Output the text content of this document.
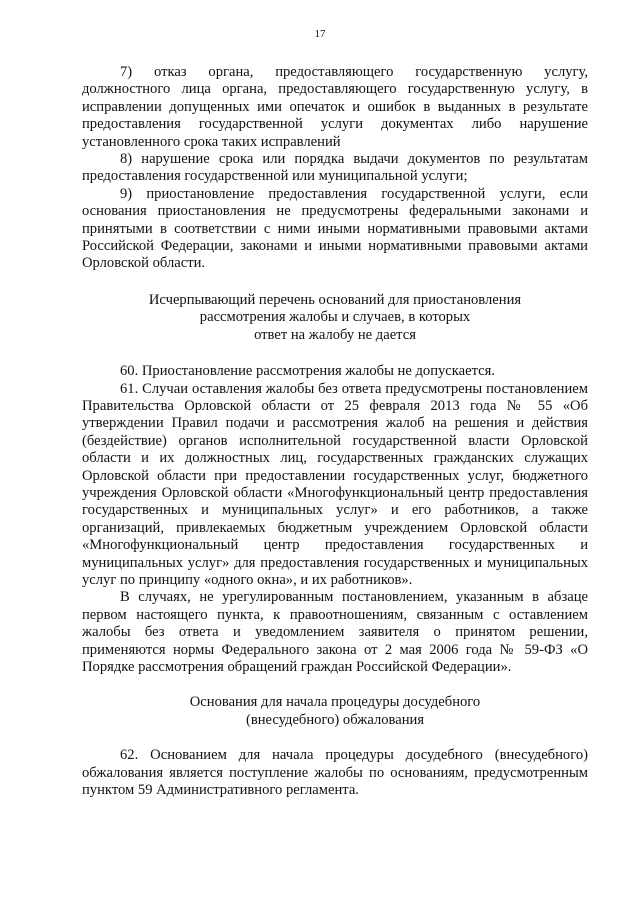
17

7) отказ органа, предоставляющего государственную услугу, должностного лица органа, предоставляющего государственную услугу, в исправлении допущенных ими опечаток и ошибок в выданных в результате предоставления государственной услуги документах либо нарушение установленного срока таких исправлений

8) нарушение срока или порядка выдачи документов по результатам предоставления государственной или муниципальной услуги;

9) приостановление предоставления государственной услуги, если основания приостановления не предусмотрены федеральными законами и принятыми в соответствии с ними иными нормативными правовыми актами Российской Федерации, законами и иными нормативными правовыми актами Орловской области.

Исчерпывающий перечень оснований для приостановления
рассмотрения жалобы и случаев, в которых
ответ на жалобу не дается

60. Приостановление рассмотрения жалобы не допускается.

61. Случаи оставления жалобы без ответа предусмотрены постановлением Правительства Орловской области от 25 февраля 2013 года № 55 «Об утверждении Правил подачи и рассмотрения жалоб на решения и действия (бездействие) органов исполнительной государственной власти Орловской области и их должностных лиц, государственных гражданских служащих Орловской области при предоставлении государственных услуг, бюджетного учреждения Орловской области «Многофункциональный центр предоставления государственных и муниципальных услуг» и его работников, а также организаций, привлекаемых бюджетным учреждением Орловской области «Многофункциональный центр предоставления государственных и муниципальных услуг» для предоставления государственных и муниципальных услуг по принципу «одного окна», и их работников».

В случаях, не урегулированным постановлением, указанным в абзаце первом настоящего пункта, к правоотношениям, связанным с оставлением жалобы без ответа и уведомлением заявителя о принятом решении, применяются нормы Федерального закона от 2 мая 2006 года № 59-ФЗ «О Порядке рассмотрения обращений граждан Российской Федерации».

Основания для начала процедуры досудебного
(внесудебного) обжалования

62. Основанием для начала процедуры досудебного (внесудебного) обжалования является поступление жалобы по основаниям, предусмотренным пунктом 59 Административного регламента.
